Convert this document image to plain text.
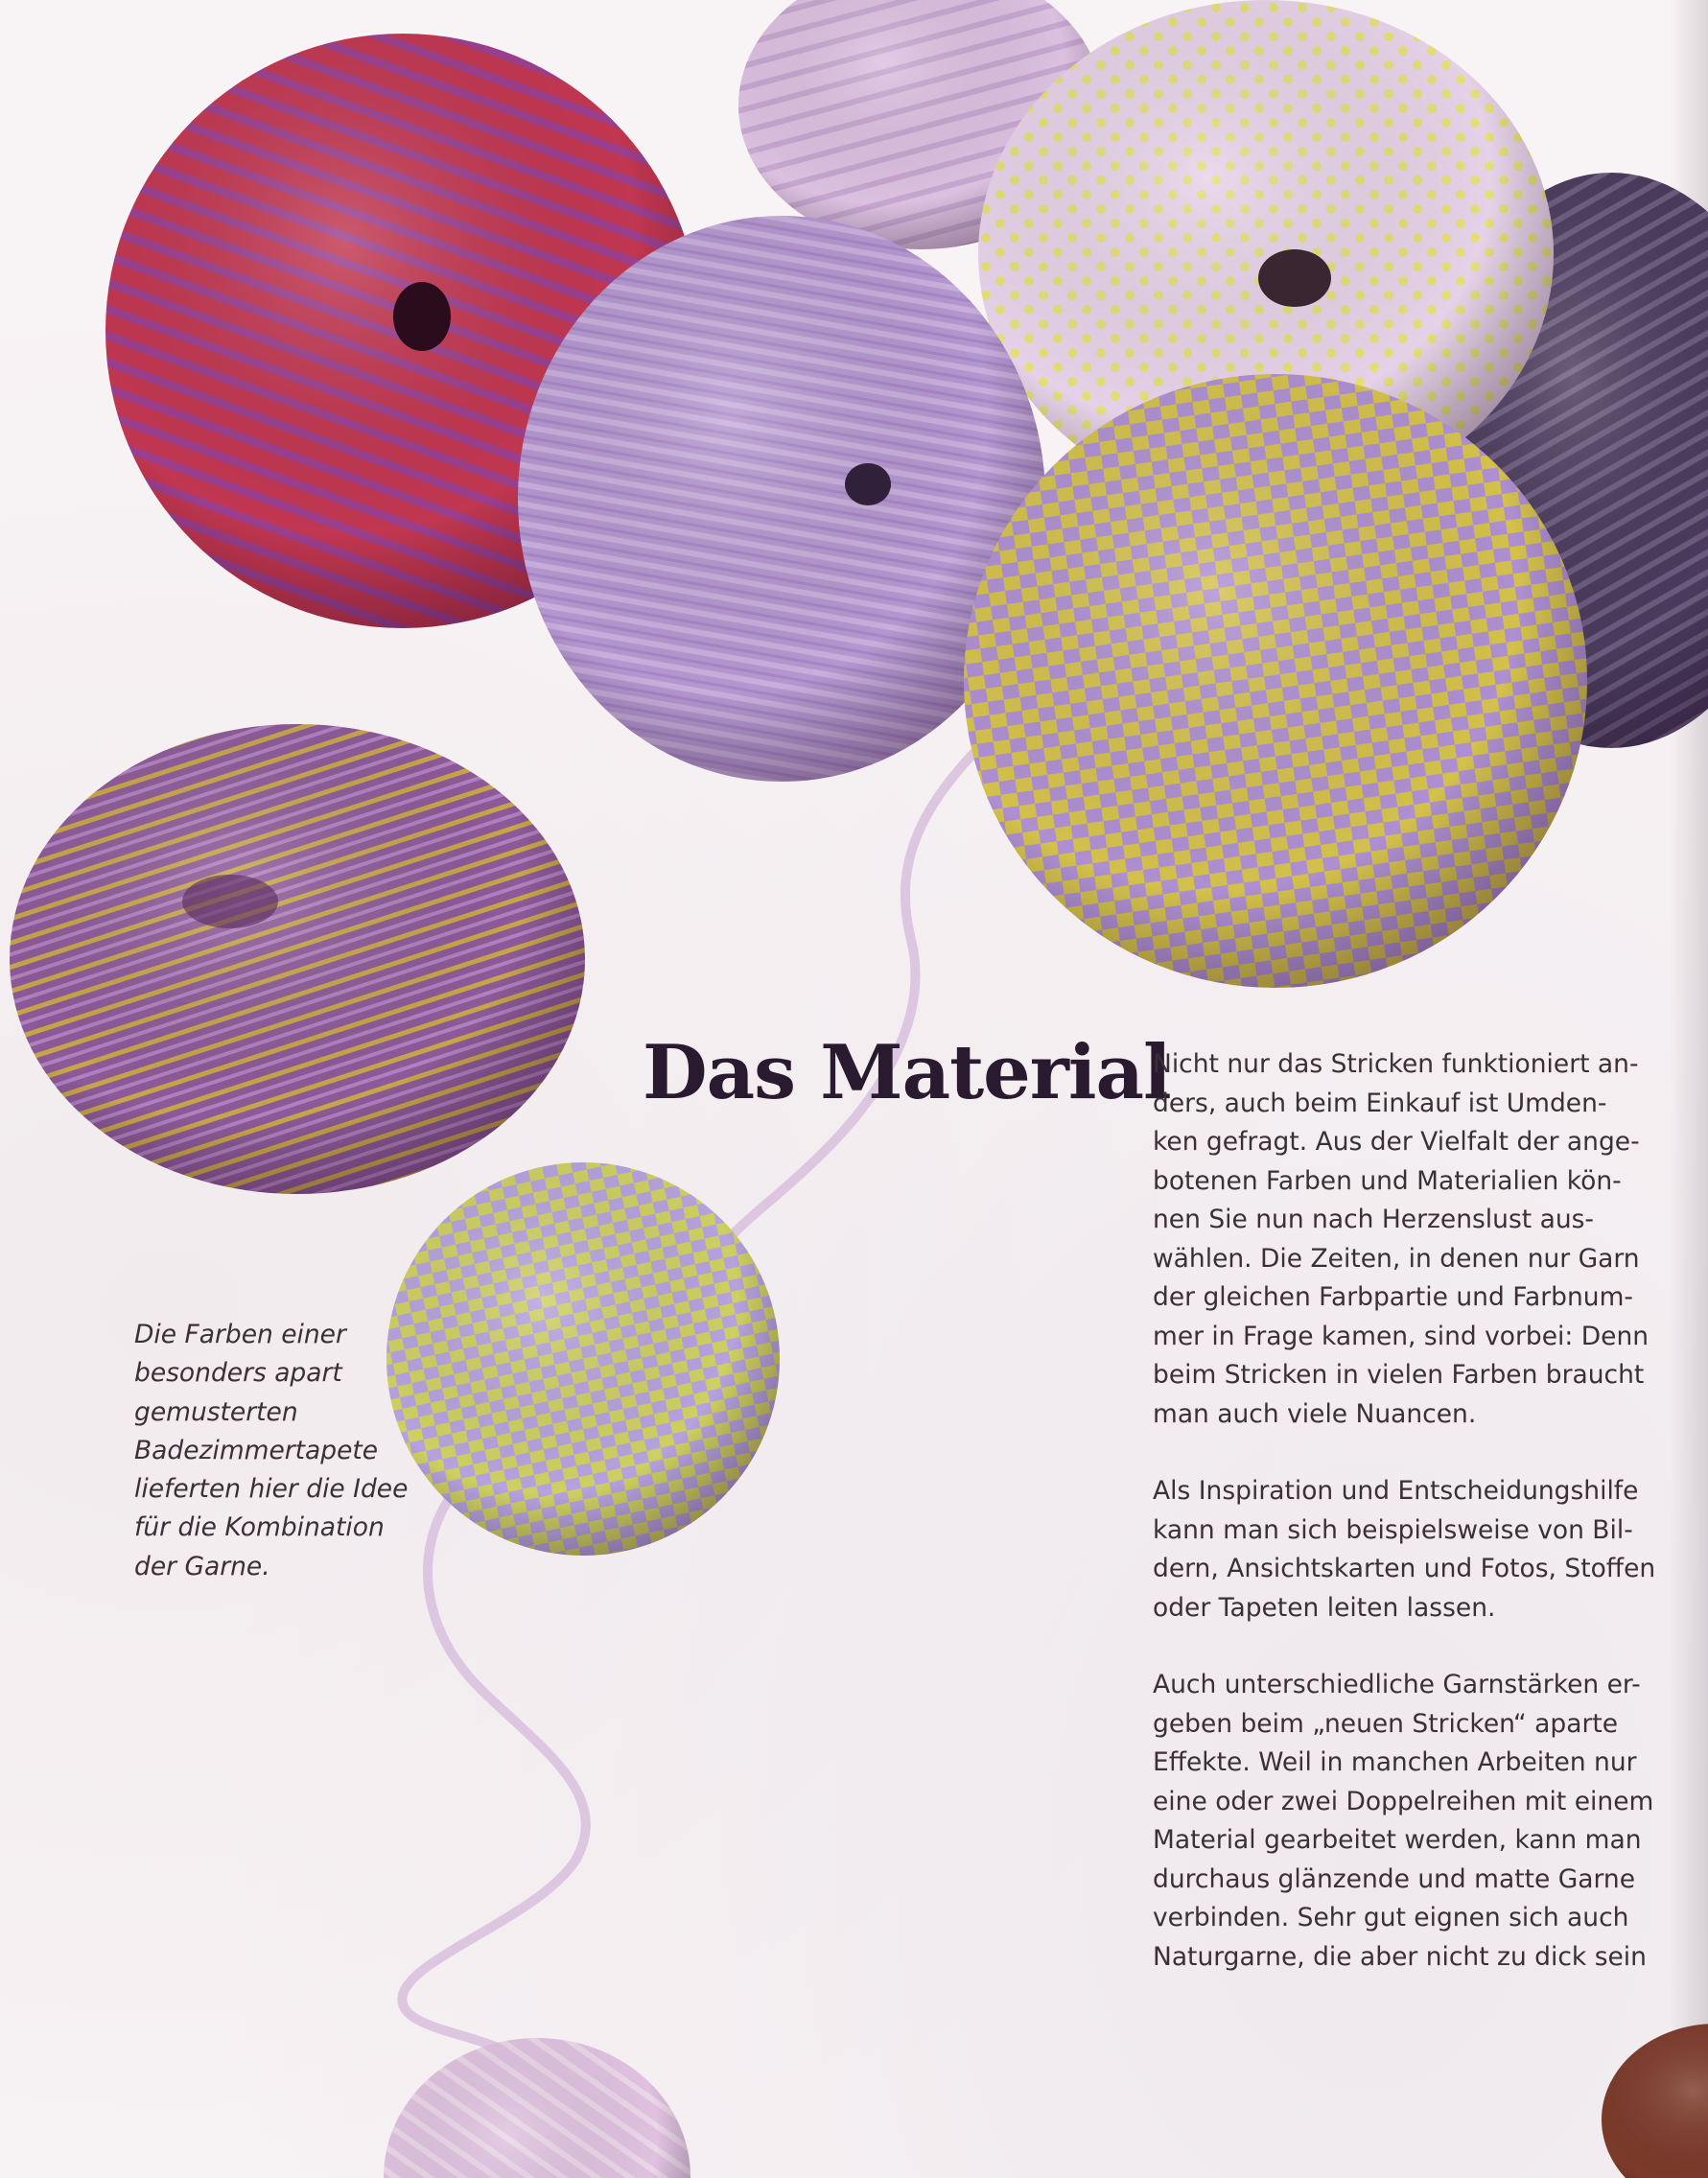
Das Material
Die Farben einer
besonders apart
gemusterten
Badezimmertapete
lieferten hier die Idee
für die Kombination
der Garne.

Nicht nur das Stricken funktioniert an-
ders, auch beim Einkauf ist Umden-
ken gefragt. Aus der Vielfalt der ange-
botenen Farben und Materialien kön-
nen Sie nun nach Herzenslust aus-
wählen. Die Zeiten, in denen nur Garn
der gleichen Farbpartie und Farbnum-
mer in Frage kamen, sind vorbei: Denn
beim Stricken in vielen Farben braucht
man auch viele Nuancen.

Als Inspiration und Entscheidungshilfe
kann man sich beispielsweise von Bil-
dern, Ansichtskarten und Fotos, Stoffen
oder Tapeten leiten lassen.

Auch unterschiedliche Garnstärken er-
geben beim „neuen Stricken“ aparte
Effekte. Weil in manchen Arbeiten nur
eine oder zwei Doppelreihen mit einem
Material gearbeitet werden, kann man
durchaus glänzende und matte Garne
verbinden. Sehr gut eignen sich auch
Naturgarne, die aber nicht zu dick sein
